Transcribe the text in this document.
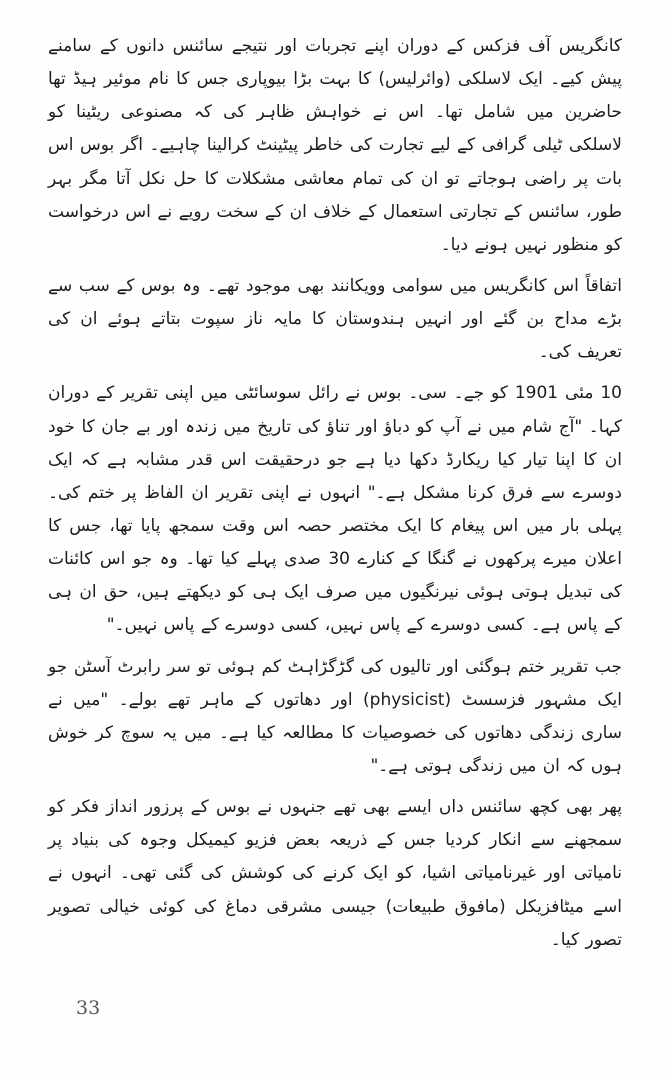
کانگریس آف فزکس کے دوران اپنے تجربات اور نتیجے سائنس دانوں کے سامنے پیش کیے۔ ایک لاسلکی (وائرلیس) کا بہت بڑا بیوپاری جس کا نام موئیر ہیڈ تھا حاضرین میں شامل تھا۔ اس نے خواہش ظاہر کی کہ مصنوعی ریٹینا کو لاسلکی ٹیلی گرافی کے لیے تجارت کی خاطر پیٹینٹ کرالینا چاہیے۔ اگر بوس اس بات پر راضی ہوجاتے تو ان کی تمام معاشی مشکلات کا حل نکل آتا مگر بہر طور، سائنس کے تجارتی استعمال کے خلاف ان کے سخت رویے نے اس درخواست کو منظور نہیں ہونے دیا۔

اتفاقاً اس کانگریس میں سوامی وویکانند بھی موجود تھے۔ وہ بوس کے سب سے بڑے مداح بن گئے اور انہیں ہندوستان کا مایہ ناز سپوت بتاتے ہوئے ان کی تعریف کی۔

10 مئی 1901 کو جے۔ سی۔ بوس نے رائل سوسائٹی میں اپنی تقریر کے دوران کہا۔ "آج شام میں نے آپ کو دباؤ اور تناؤ کی تاریخ میں زندہ اور بے جان کا خود ان کا اپنا تیار کیا ریکارڈ دکھا دیا ہے جو درحقیقت اس قدر مشابہ ہے کہ ایک دوسرے سے فرق کرنا مشکل ہے۔" انہوں نے اپنی تقریر ان الفاظ پر ختم کی۔ پہلی بار میں اس پیغام کا ایک مختصر حصہ اس وقت سمجھ پایا تھا، جس کا اعلان میرے پرکھوں نے گنگا کے کنارے 30 صدی پہلے کیا تھا۔ وہ جو اس کائنات کی تبدیل ہوتی ہوئی نیرنگیوں میں صرف ایک ہی کو دیکھتے ہیں، حق ان ہی کے پاس ہے۔ کسی دوسرے کے پاس نہیں، کسی دوسرے کے پاس نہیں۔"

جب تقریر ختم ہوگئی اور تالیوں کی گڑگڑاہٹ کم ہوئی تو سر رابرٹ آسٹن جو ایک مشہور فزسسٹ (physicist) اور دھاتوں کے ماہر تھے بولے۔ "میں نے ساری زندگی دھاتوں کی خصوصیات کا مطالعہ کیا ہے۔ میں یہ سوچ کر خوش ہوں کہ ان میں زندگی ہوتی ہے۔"

پھر بھی کچھ سائنس داں ایسے بھی تھے جنہوں نے بوس کے پرزور انداز فکر کو سمجھنے سے انکار کردیا جس کے ذریعہ بعض فزیو کیمیکل وجوہ کی بنیاد پر نامیاتی اور غیرنامیاتی اشیا، کو ایک کرنے کی کوشش کی گئی تھی۔ انہوں نے اسے میٹافزیکل (مافوق طبیعات) جیسی مشرقی دماغ کی کوئی خیالی تصویر تصور کیا۔

33
